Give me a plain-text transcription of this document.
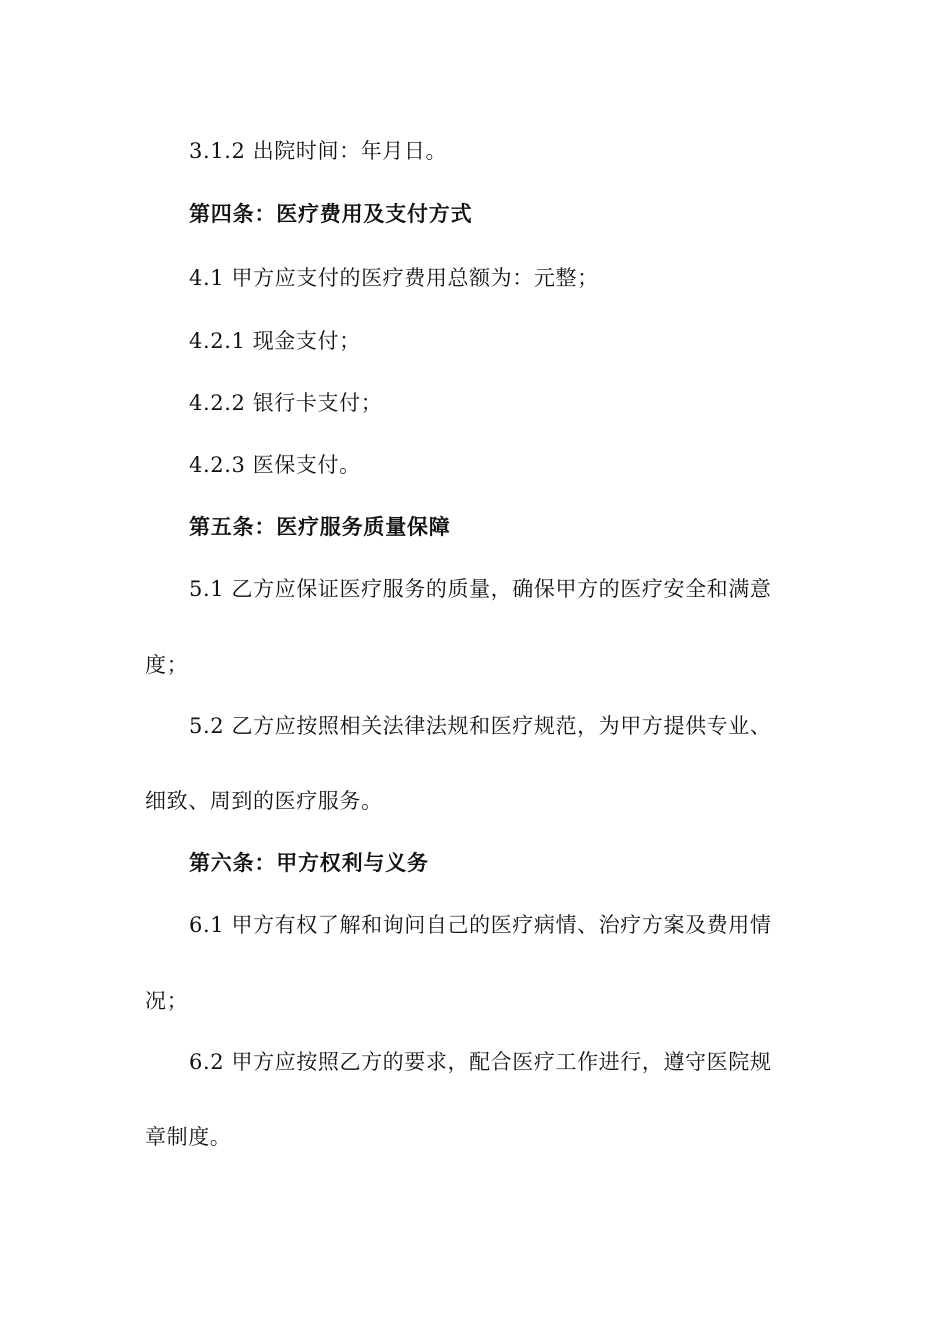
3.1.2 出院时间：年月日。
第四条：医疗费用及支付方式
4.1 甲方应支付的医疗费用总额为：元整；
4.2.1 现金支付；
4.2.2 银行卡支付；
4.2.3 医保支付。
第五条：医疗服务质量保障
5.1 乙方应保证医疗服务的质量，确保甲方的医疗安全和满意
度；
5.2 乙方应按照相关法律法规和医疗规范，为甲方提供专业、
细致、周到的医疗服务。
第六条：甲方权利与义务
6.1 甲方有权了解和询问自己的医疗病情、治疗方案及费用情
况；
6.2 甲方应按照乙方的要求，配合医疗工作进行，遵守医院规
章制度。
